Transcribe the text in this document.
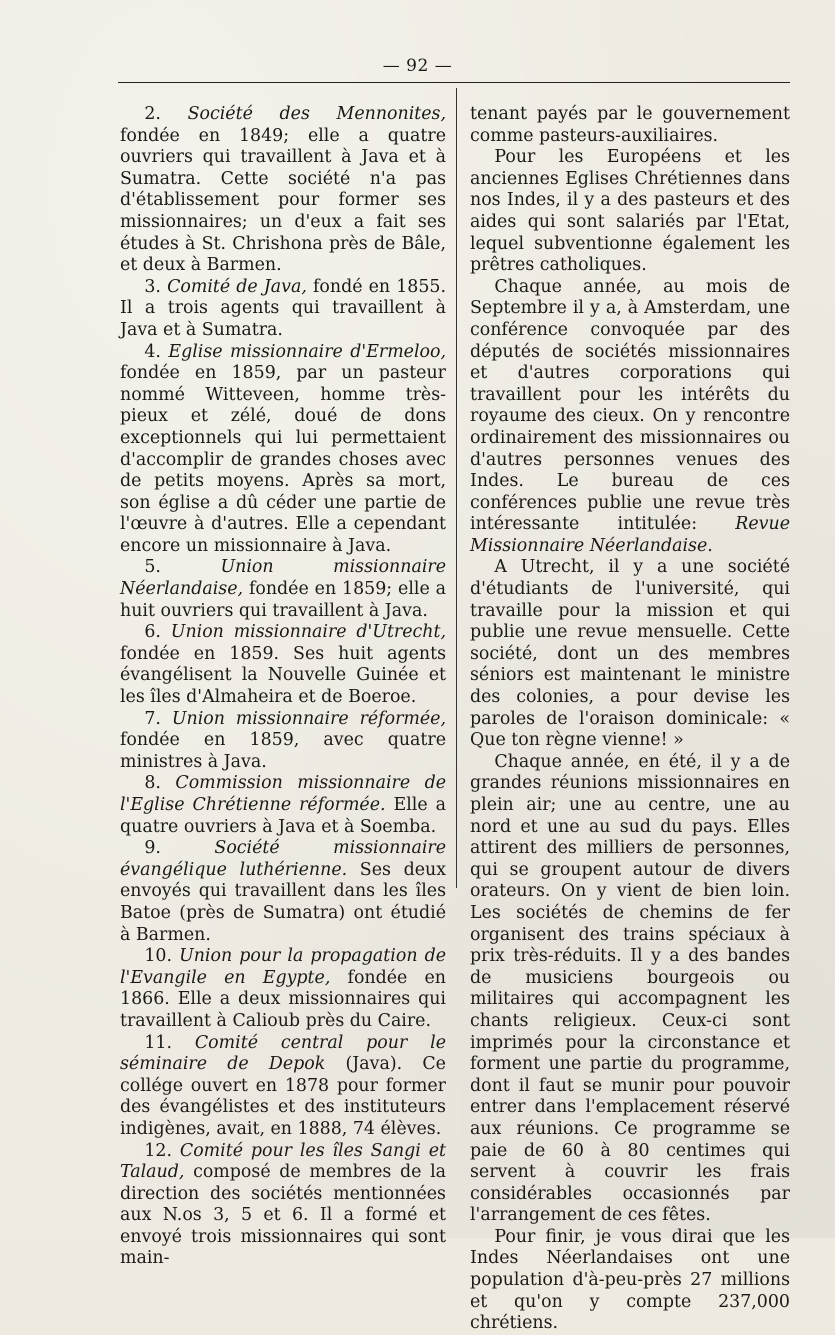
— 92 —

2. Société des Mennonites, fondée en 1849; elle a quatre ouvriers qui travaillent à Java et à Sumatra. Cette société n'a pas d'établissement pour former ses missionnaires; un d'eux a fait ses études à St. Chrishona près de Bâle, et deux à Barmen.

3. Comité de Java, fondé en 1855. Il a trois agents qui travaillent à Java et à Sumatra.

4. Eglise missionnaire d'Ermeloo, fondée en 1859, par un pasteur nommé Witteveen, homme très-pieux et zélé, doué de dons exceptionnels qui lui permettaient d'accomplir de grandes choses avec de petits moyens. Après sa mort, son église a dû céder une partie de l'œuvre à d'autres. Elle a cependant encore un missionnaire à Java.

5. Union missionnaire Néerlandaise, fondée en 1859; elle a huit ouvriers qui travaillent à Java.

6. Union missionnaire d'Utrecht, fondée en 1859. Ses huit agents évangélisent la Nouvelle Guinée et les îles d'Almaheira et de Boeroe.

7. Union missionnaire réformée, fondée en 1859, avec quatre ministres à Java.

8. Commission missionnaire de l'Eglise Chrétienne réformée. Elle a quatre ouvriers à Java et à Soemba.

9. Société missionnaire évangélique luthérienne. Ses deux envoyés qui travaillent dans les îles Batoe (près de Sumatra) ont étudié à Barmen.

10. Union pour la propagation de l'Evangile en Egypte, fondée en 1866. Elle a deux missionnaires qui travaillent à Calioub près du Caire.

11. Comité central pour le séminaire de Depok (Java). Ce collége ouvert en 1878 pour former des évangélistes et des instituteurs indigènes, avait, en 1888, 74 élèves.

12. Comité pour les îles Sangi et Talaud, composé de membres de la direction des sociétés mentionnées aux N.os 3, 5 et 6. Il a formé et envoyé trois missionnaires qui sont main-

tenant payés par le gouvernement comme pasteurs-auxiliaires.

Pour les Européens et les anciennes Eglises Chrétiennes dans nos Indes, il y a des pasteurs et des aides qui sont salariés par l'Etat, lequel subventionne également les prêtres catholiques.

Chaque année, au mois de Septembre il y a, à Amsterdam, une conférence convoquée par des députés de sociétés missionnaires et d'autres corporations qui travaillent pour les intérêts du royaume des cieux. On y rencontre ordinairement des missionnaires ou d'autres personnes venues des Indes. Le bureau de ces conférences publie une revue très intéressante intitulée: Revue Missionnaire Néerlandaise.

A Utrecht, il y a une société d'étudiants de l'université, qui travaille pour la mission et qui publie une revue mensuelle. Cette société, dont un des membres séniors est maintenant le ministre des colonies, a pour devise les paroles de l'oraison dominicale: « Que ton règne vienne! »

Chaque année, en été, il y a de grandes réunions missionnaires en plein air; une au centre, une au nord et une au sud du pays. Elles attirent des milliers de personnes, qui se groupent autour de divers orateurs. On y vient de bien loin. Les sociétés de chemins de fer organisent des trains spéciaux à prix très-réduits. Il y a des bandes de musiciens bourgeois ou militaires qui accompagnent les chants religieux. Ceux-ci sont imprimés pour la circonstance et forment une partie du programme, dont il faut se munir pour pouvoir entrer dans l'emplacement réservé aux réunions. Ce programme se paie de 60 à 80 centimes qui servent à couvrir les frais considérables occasionnés par l'arrangement de ces fêtes.

Pour finir, je vous dirai que les Indes Néerlandaises ont une population d'à-peu-près 27 millions et qu'on y compte 237,000 chrétiens.
